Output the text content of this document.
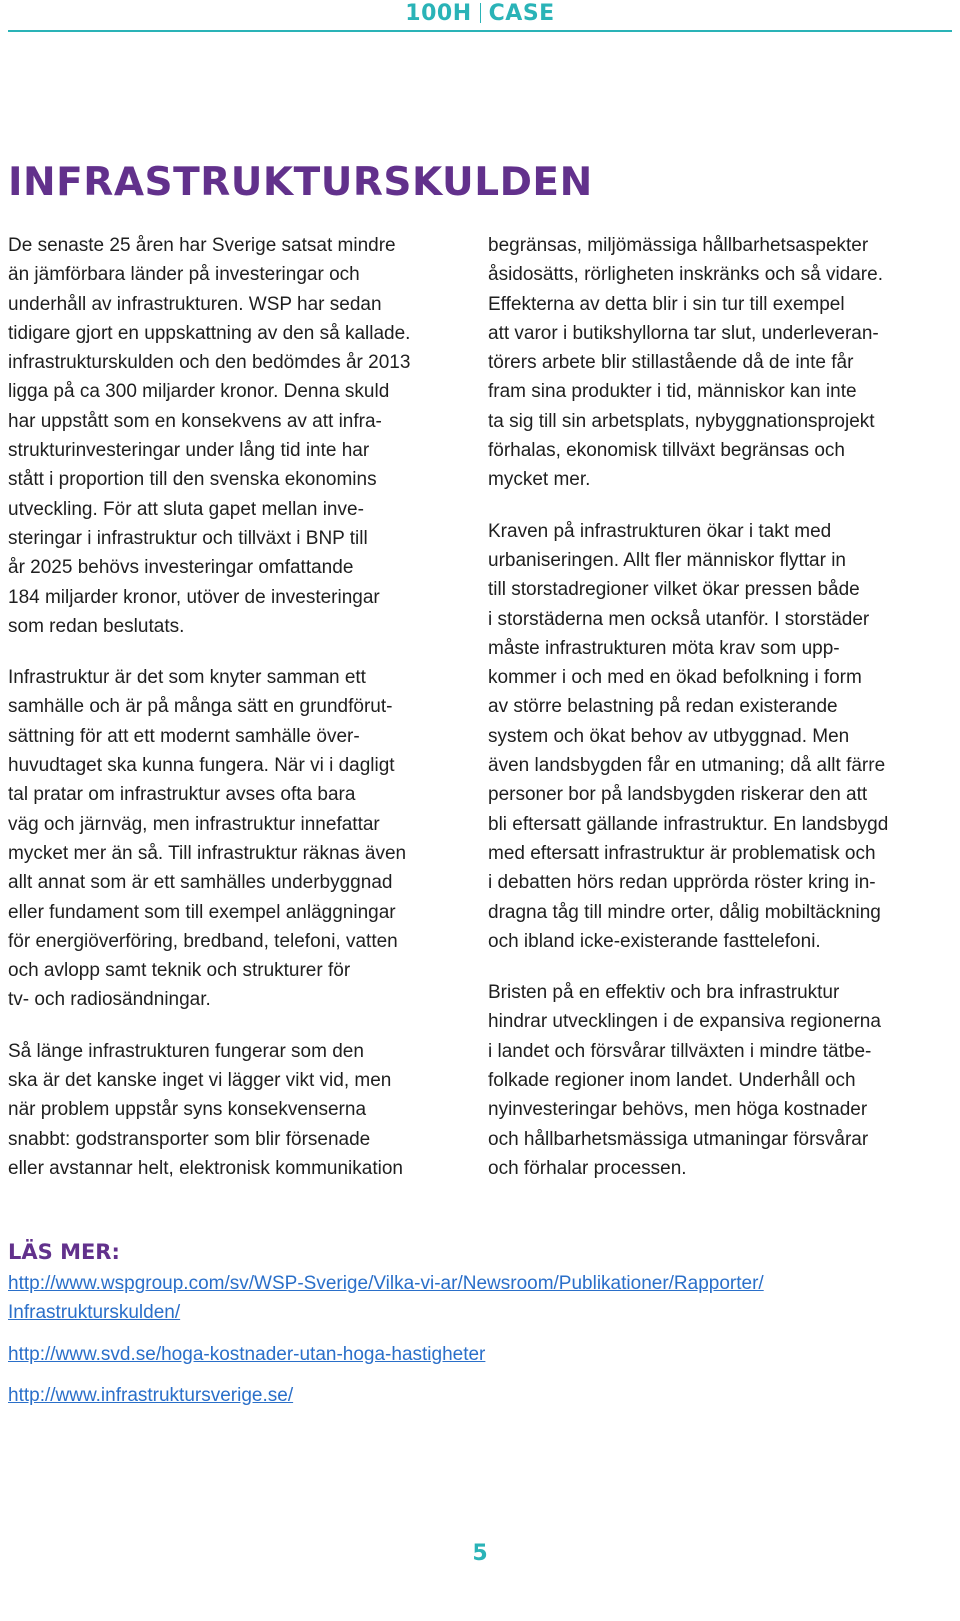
100H CASE
INFRASTRUKTURSKULDEN

De senaste 25 åren har Sverige satsat mindre
än jämförbara länder på investeringar och
underhåll av infrastrukturen. WSP har sedan
tidigare gjort en uppskattning av den så kallade.
infrastrukturskulden och den bedömdes år 2013
ligga på ca 300 miljarder kronor. Denna skuld
har uppstått som en konsekvens av att infra-
strukturinvesteringar under lång tid inte har
stått i proportion till den svenska ekonomins
utveckling. För att sluta gapet mellan inve-
steringar i infrastruktur och tillväxt i BNP till
år 2025 behövs investeringar omfattande
184 miljarder kronor, utöver de investeringar
som redan beslutats.

Infrastruktur är det som knyter samman ett
samhälle och är på många sätt en grundförut-
sättning för att ett modernt samhälle över-
huvudtaget ska kunna fungera. När vi i dagligt
tal pratar om infrastruktur avses ofta bara
väg och järnväg, men infrastruktur innefattar
mycket mer än så. Till infrastruktur räknas även
allt annat som är ett samhälles underbyggnad
eller fundament som till exempel anläggningar
för energiöverföring, bredband, telefoni, vatten
och avlopp samt teknik och strukturer för
tv- och radiosändningar.

Så länge infrastrukturen fungerar som den
ska är det kanske inget vi lägger vikt vid, men
när problem uppstår syns konsekvenserna
snabbt: godstransporter som blir försenade
eller avstannar helt, elektronisk kommunikation

begränsas, miljömässiga hållbarhetsaspekter
åsidosätts, rörligheten inskränks och så vidare.
Effekterna av detta blir i sin tur till exempel
att varor i butikshyllorna tar slut, underleveran-
törers arbete blir stillastående då de inte får
fram sina produkter i tid, människor kan inte
ta sig till sin arbetsplats, nybyggnationsprojekt
förhalas, ekonomisk tillväxt begränsas och
mycket mer.

Kraven på infrastrukturen ökar i takt med
urbaniseringen. Allt fler människor flyttar in
till storstadregioner vilket ökar pressen både
i storstäderna men också utanför. I storstäder
måste infrastrukturen möta krav som upp-
kommer i och med en ökad befolkning i form
av större belastning på redan existerande
system och ökat behov av utbyggnad. Men
även landsbygden får en utmaning; då allt färre
personer bor på landsbygden riskerar den att
bli eftersatt gällande infrastruktur. En landsbygd
med eftersatt infrastruktur är problematisk och
i debatten hörs redan upprörda röster kring in-
dragna tåg till mindre orter, dålig mobiltäckning
och ibland icke-existerande fasttelefoni.

Bristen på en effektiv och bra infrastruktur
hindrar utvecklingen i de expansiva regionerna
i landet och försvårar tillväxten i mindre tätbe-
folkade regioner inom landet. Underhåll och
nyinvesteringar behövs, men höga kostnader
och hållbarhetsmässiga utmaningar försvårar
och förhalar processen.

LÄS MER:
http://www.wspgroup.com/sv/WSP-Sverige/Vilka-vi-ar/Newsroom/Publikationer/Rapporter/
Infrastrukturskulden/
http://www.svd.se/hoga-kostnader-utan-hoga-hastigheter
http://www.infrastruktursverige.se/
5
